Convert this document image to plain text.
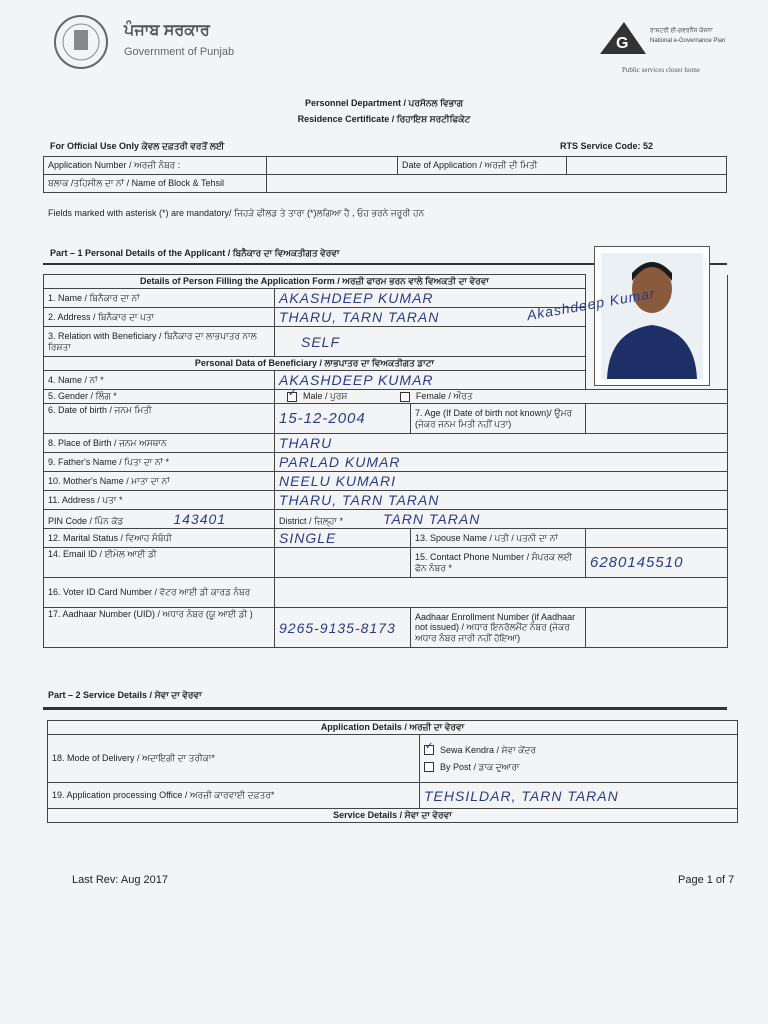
ਪੰਜਾਬ ਸਰਕਾਰ
Government of Punjab	G
ਰਾਸ਼ਟਰੀ ਈ-ਗਵਰਨੈਂਸ ਯੋਜਨਾ
National e-Governance Plan
Public services closer home
Personnel Department / ਪਰਸੋਨਲ ਵਿਭਾਗ
Residence Certificate / ਰਿਹਾਇਸ਼ ਸਰਟੀਫਿਕੇਟ
For Official Use Only ਕੇਵਲ ਦਫ਼ਤਰੀ ਵਰਤੋਂ ਲਈ	RTS Service Code: 52
Application Number / ਅਰਜ਼ੀ ਨੰਬਰ :		Date of Application / ਅਰਜ਼ੀ ਦੀ ਮਿਤੀ	
ਬਲਾਕ /ਤਹਿਸੀਲ ਦਾ ਨਾਂ / Name of Block & Tehsil			
Fields marked with asterisk (*) are mandatory/ ਜਿਹੜੇ ਫੀਲਡ ਤੇ ਤਾਰਾ (*)ਲਗਿਆ ਹੈ , ਓਹ ਭਰਨੇ ਜਰੂਰੀ ਹਨ
Part – 1 Personal Details of the Applicant / ਬਿਨੈਕਾਰ ਦਾ ਵਿਅਕਤੀਗਤ ਵੇਰਵਾ
Akashdeep Kumar
Details of Person Filling the Application Form / ਅਰਜ਼ੀ ਫਾਰਮ ਭਰਨ ਵਾਲੇ ਵਿਅਕਤੀ ਦਾ ਵੇਰਵਾ			
1. Name / ਬਿਨੈਕਾਰ ਦਾ ਨਾਂ	AKASHDEEP KUMAR		
2. Address / ਬਿਨੈਕਾਰ ਦਾ ਪਤਾ	THARU, TARN TARAN		
3. Relation with Beneficiary / ਬਿਨੈਕਾਰ ਦਾ ਲਾਭਪਾਤਰ ਨਾਲ ਰਿਸ਼ਤਾ	SELF		
Personal Data of Beneficiary / ਲਾਭਪਾਤਰ ਦਾ ਵਿਅਕਤੀਗਤ ਡਾਟਾ			
4. Name / ਨਾਂ *	AKASHDEEP KUMAR		
5. Gender / ਲਿੰਗ *	✓ Male / ਪੁਰਸ਼ Female / ਔਰਤ		
6. Date of birth / ਜਨਮ ਮਿਤੀ	15-12-2004	7. Age (If Date of birth not known)/ ਉਮਰ (ਜੇਕਰ ਜਨਮ ਮਿਤੀ ਨਹੀਂ ਪਤਾ)	
8. Place of Birth / ਜਨਮ ਅਸਥਾਨ	THARU		
9. Father's Name / ਪਿਤਾ ਦਾ ਨਾਂ *	PARLAD KUMAR		
10. Mother's Name / ਮਾਤਾ ਦਾ ਨਾਂ	NEELU KUMARI		
11. Address / ਪਤਾ *	THARU, TARN TARAN		
PIN Code / ਪਿੰਨ ਕੋਡ 143401	District / ਜ਼ਿਲ੍ਹਾ * TARN TARAN		
12. Marital Status / ਵਿਆਹ ਸੰਬੰਧੀ	SINGLE	13. Spouse Name / ਪਤੀ / ਪਤਨੀ ਦਾ ਨਾਂ	
14. Email ID / ਈਮੇਲ ਆਈ ਡੀ		15. Contact Phone Number / ਸੰਪਰਕ ਲਈ ਫੋਨ ਨੰਬਰ *	6280145510
16. Voter ID Card Number / ਵੋਟਰ ਆਈ ਡੀ ਕਾਰਡ ਨੰਬਰ			
17. Aadhaar Number (UID) / ਅਧਾਰ ਨੰਬਰ (ਯੂ ਆਈ ਡੀ )	9265-9135-8173	Aadhaar Enrollment Number (if Aadhaar not issued) / ਅਧਾਰ ਇਨਰੋਲਮੈਂਟ ਨੰਬਰ (ਜੇਕਰ ਅਧਾਰ ਨੰਬਰ ਜਾਰੀ ਨਹੀਂ ਹੋਇਆ)	
Part – 2 Service Details / ਸੇਵਾ ਦਾ ਵੇਰਵਾ
Application Details / ਅਰਜ਼ੀ ਦਾ ਵੇਰਵਾ	
18. Mode of Delivery / ਅਦਾਇਗੀ ਦਾ ਤਰੀਕਾ*	✓ Sewa Kendra / ਸੇਵਾ ਕੇਂਦਰ
By Post / ਡਾਕ ਦੁਆਰਾ

19. Application processing Office / ਅਰਜ਼ੀ ਕਾਰਵਾਈ ਦਫ਼ਤਰ*	TEHSILDAR, TARN TARAN
Service Details / ਸੇਵਾ ਦਾ ਵੇਰਵਾ	
Last Rev: Aug 2017	Page 1 of 7
